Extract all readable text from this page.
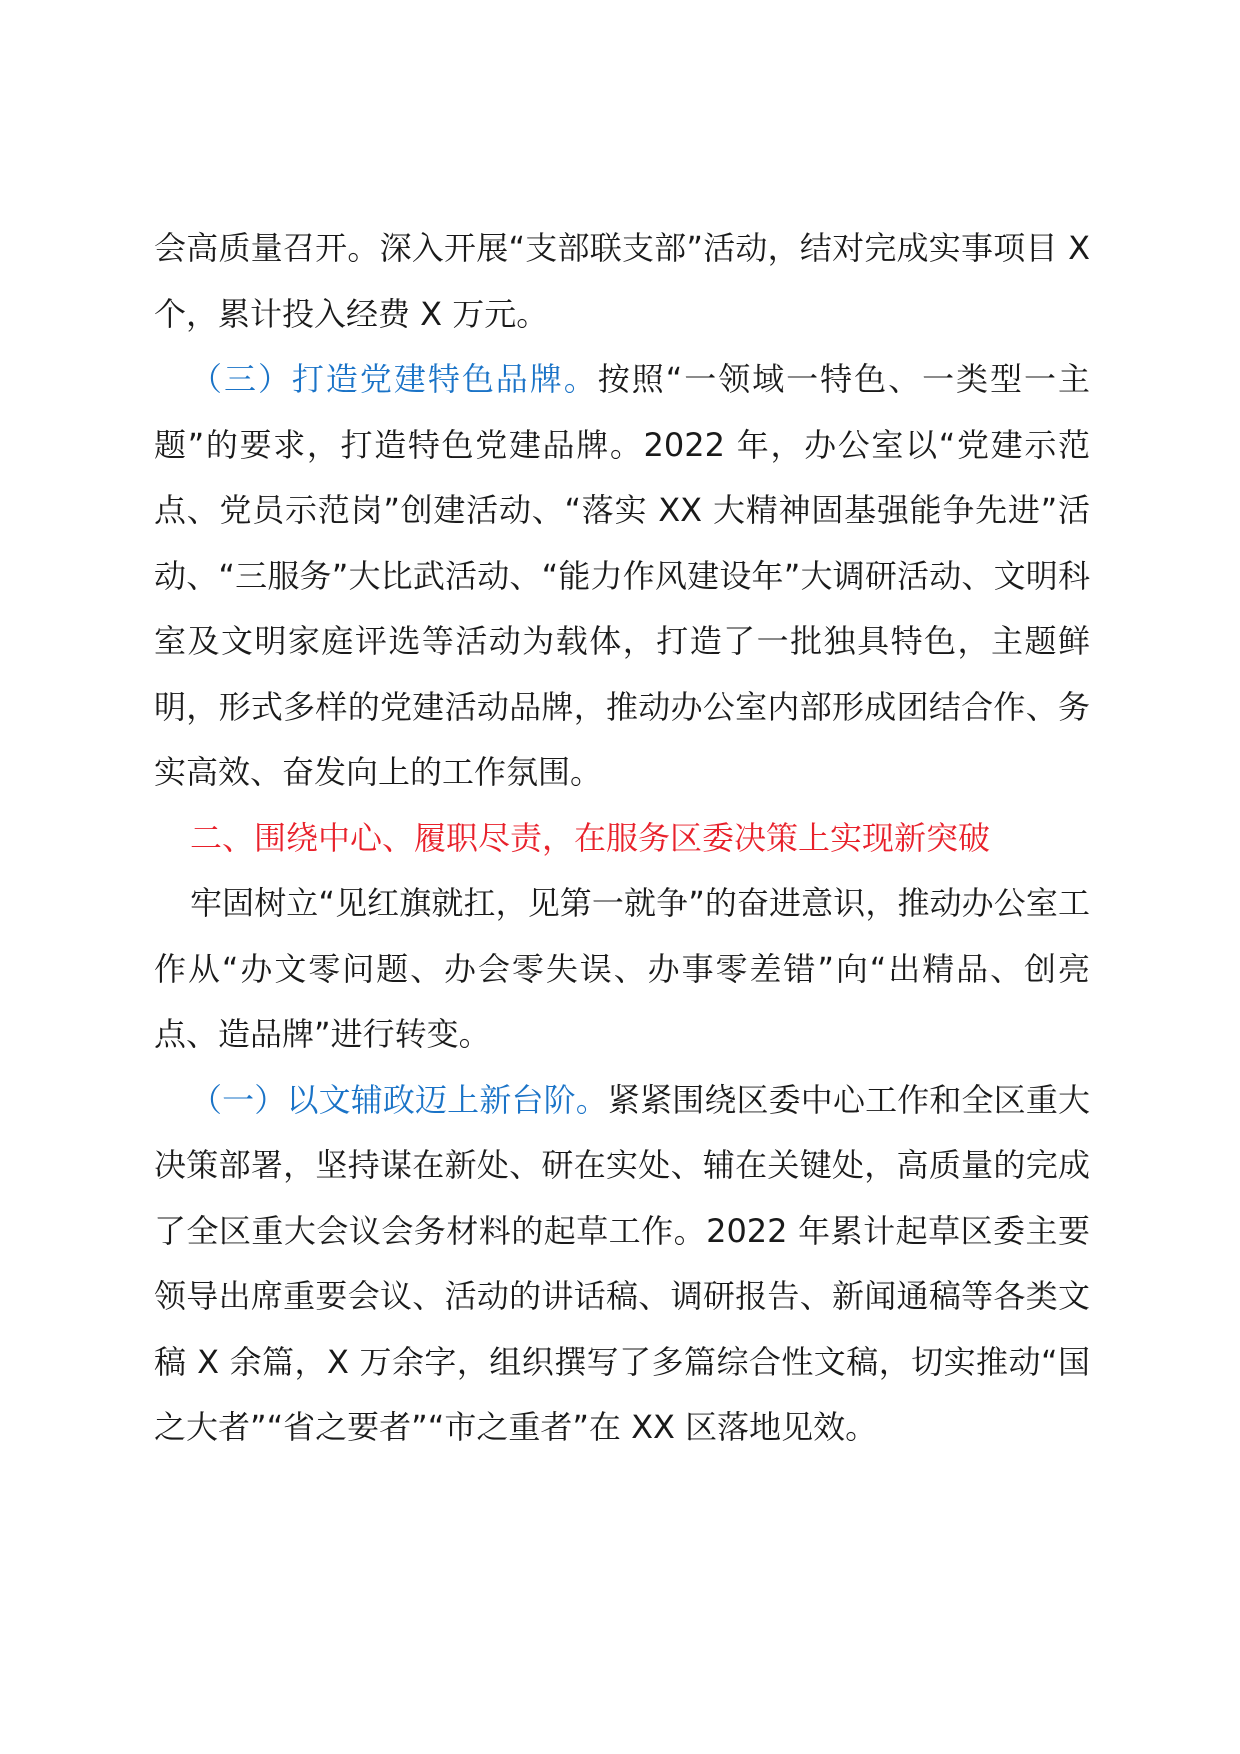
会高质量召开。深入开展“支部联支部”活动，结对完成实事项目 X 个，累计投入经费 X 万元。

（三）打造党建特色品牌。按照“一领域一特色、一类型一主题”的要求，打造特色党建品牌。2022 年，办公室以“党建示范点、党员示范岗”创建活动、“落实 XX 大精神固基强能争先进”活动、“三服务”大比武活动、“能力作风建设年”大调研活动、文明科室及文明家庭评选等活动为载体，打造了一批独具特色，主题鲜明，形式多样的党建活动品牌，推动办公室内部形成团结合作、务实高效、奋发向上的工作氛围。

二、围绕中心、履职尽责，在服务区委决策上实现新突破

牢固树立“见红旗就扛，见第一就争”的奋进意识，推动办公室工作从“办文零问题、办会零失误、办事零差错”向“出精品、创亮点、造品牌”进行转变。

（一）以文辅政迈上新台阶。紧紧围绕区委中心工作和全区重大决策部署，坚持谋在新处、研在实处、辅在关键处，高质量的完成了全区重大会议会务材料的起草工作。2022 年累计起草区委主要领导出席重要会议、活动的讲话稿、调研报告、新闻通稿等各类文稿 X 余篇，X 万余字，组织撰写了多篇综合性文稿，切实推动“国之大者”“省之要者”“市之重者”在 XX 区落地见效。
